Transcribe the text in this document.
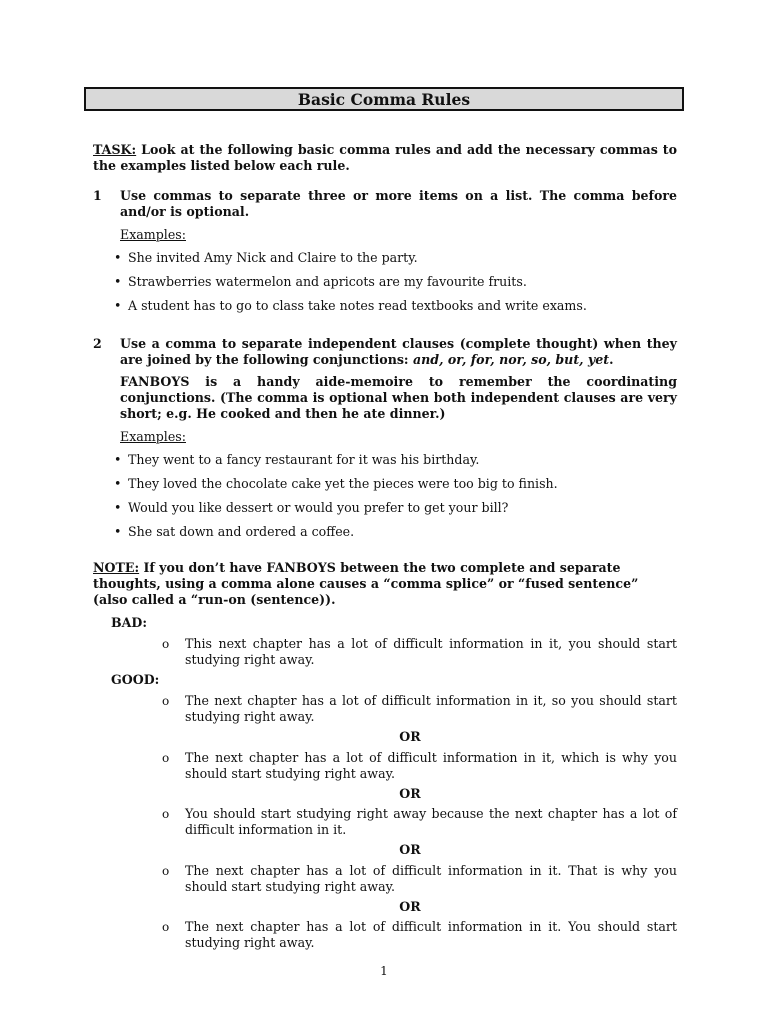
Basic Comma Rules
TASK: Look at the following basic comma rules and add the necessary commas to the examples listed below each rule.
1 Use commas to separate three or more items on a list. The comma before and/or is optional.
Examples:
• She invited Amy Nick and Claire to the party.
• Strawberries watermelon and apricots are my favourite fruits.
• A student has to go to class take notes read textbooks and write exams.
2 Use a comma to separate independent clauses (complete thought) when they are joined by the following conjunctions: and, or, for, nor, so, but, yet.
FANBOYS is a handy aide-memoire to remember the coordinating conjunctions. (The comma is optional when both independent clauses are very short; e.g. He cooked and then he ate dinner.)
Examples:
• They went to a fancy restaurant for it was his birthday.
• They loved the chocolate cake yet the pieces were too big to finish.
• Would you like dessert or would you prefer to get your bill?
• She sat down and ordered a coffee.
NOTE: If you don’t have FANBOYS between the two complete and separate thoughts, using a comma alone causes a “comma splice” or “fused sentence” (also called a “run-on (sentence)).
BAD:
o This next chapter has a lot of difficult information in it, you should start studying right away.
GOOD:
o The next chapter has a lot of difficult information in it, so you should start studying right away.
OR
o The next chapter has a lot of difficult information in it, which is why you should start studying right away.
OR
o You should start studying right away because the next chapter has a lot of difficult information in it.
OR
o The next chapter has a lot of difficult information in it. That is why you should start studying right away.
OR
o The next chapter has a lot of difficult information in it. You should start studying right away.
1
